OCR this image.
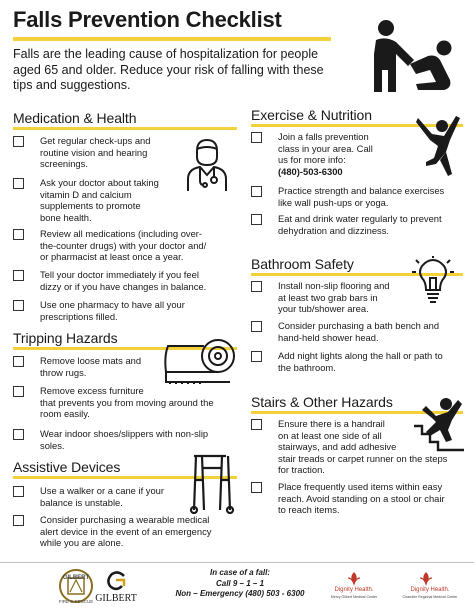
Falls Prevention Checklist
Falls are the leading cause of hospitalization for people
aged 65 and older. Reduce your risk of falling with these
tips and suggestions.
Medication & Health
Get regular check-ups and
routine vision and hearing
screenings.
Ask your doctor about taking
vitamin D and calcium
supplements to promote
bone health.
Review all medications (including over-
the-counter drugs) with your doctor and/
or pharmacist at least once a year.
Tell your doctor immediately if you feel
dizzy or if you have changes in balance.
Use one pharmacy to have all your
prescriptions filled.
Tripping Hazards
Remove loose mats and
throw rugs.
Remove excess furniture
that prevents you from moving around the
room easily.
Wear indoor shoes/slippers with non-slip
soles.
Assistive Devices
Use a walker or a cane if your
balance is unstable.
Consider purchasing a wearable medical
alert device in the event of an emergency
while you are alone.
Exercise & Nutrition
Join a falls prevention
class in your area. Call
us for more info:
(480)-503-6300
Practice strength and balance exercises
like wall push-ups or yoga.
Eat and drink water regularly to prevent
dehydration and dizziness.
Bathroom Safety
Install non-slip flooring and
at least two grab bars in
your tub/shower area.
Consider purchasing a bath bench and
hand-held shower head.
Add night lights along the hall or path to
the bathroom.
Stairs & Other Hazards
Ensure there is a handrail
on at least one side of all
stairways, and add adhesive
stair treads or carpet runner on the steps
for traction.
Place frequently used items within easy
reach. Avoid standing on a stool or chair
to reach items.
GILBERT
FIRE & RESCUE GILBERT
In case of a fall:
Call 9 – 1 – 1
Non – Emergency (480) 503 - 6300	Dignity Health.
Mercy Gilbert Medical Center
Dignity Health.
Chandler Regional Medical Center
